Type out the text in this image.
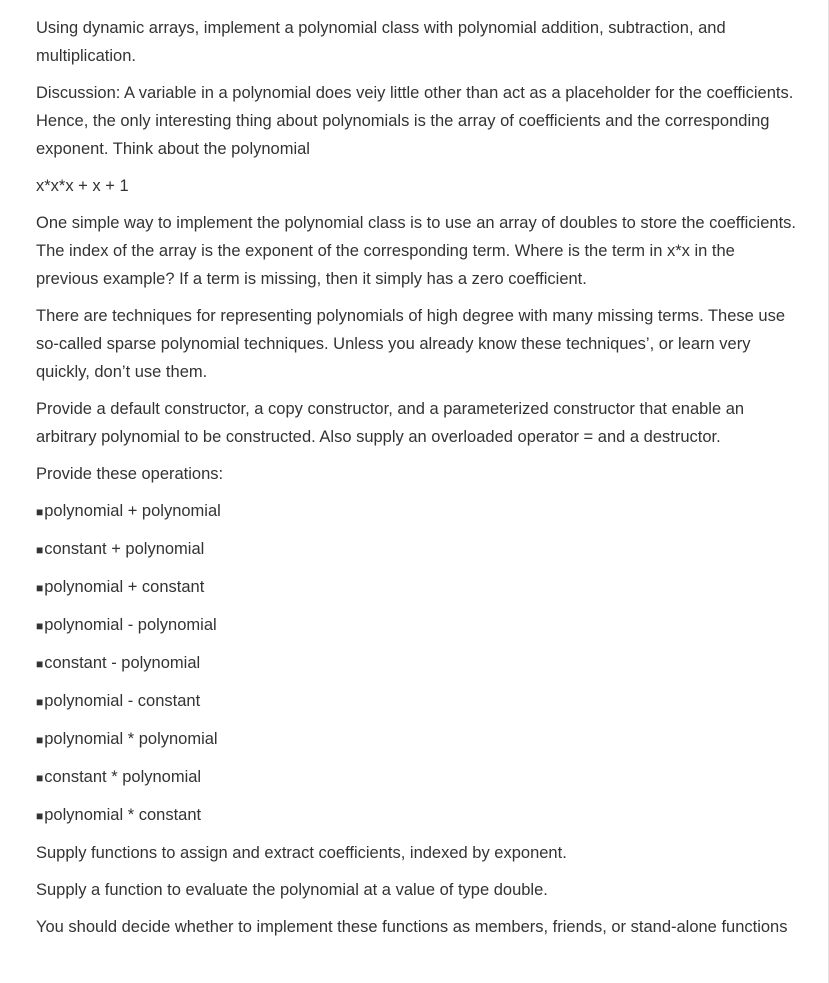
Using dynamic arrays, implement a polynomial class with polynomial addition, subtraction, and multiplication.

Discussion: A variable in a polynomial does veiy little other than act as a placeholder for the coefficients. Hence, the only interesting thing about polynomials is the array of coefficients and the corresponding exponent. Think about the polynomial

x*x*x + x + 1

One simple way to implement the polynomial class is to use an array of doubles to store the coefficients. The index of the array is the exponent of the corresponding term. Where is the term in x*x in the previous example? If a term is missing, then it simply has a zero coefficient.

There are techniques for representing polynomials of high degree with many missing terms. These use so-called sparse polynomial techniques. Unless you already know these techniques’, or learn very quickly, don’t use them.

Provide a default constructor, a copy constructor, and a parameterized constructor that enable an arbitrary polynomial to be constructed. Also supply an overloaded operator = and a destructor.

Provide these operations:

■ polynomial + polynomial
■ constant + polynomial
■ polynomial + constant
■ polynomial - polynomial
■ constant - polynomial
■ polynomial - constant
■ polynomial * polynomial
■ constant * polynomial
■ polynomial * constant

Supply functions to assign and extract coefficients, indexed by exponent.

Supply a function to evaluate the polynomial at a value of type double.

You should decide whether to implement these functions as members, friends, or stand-alone functions
